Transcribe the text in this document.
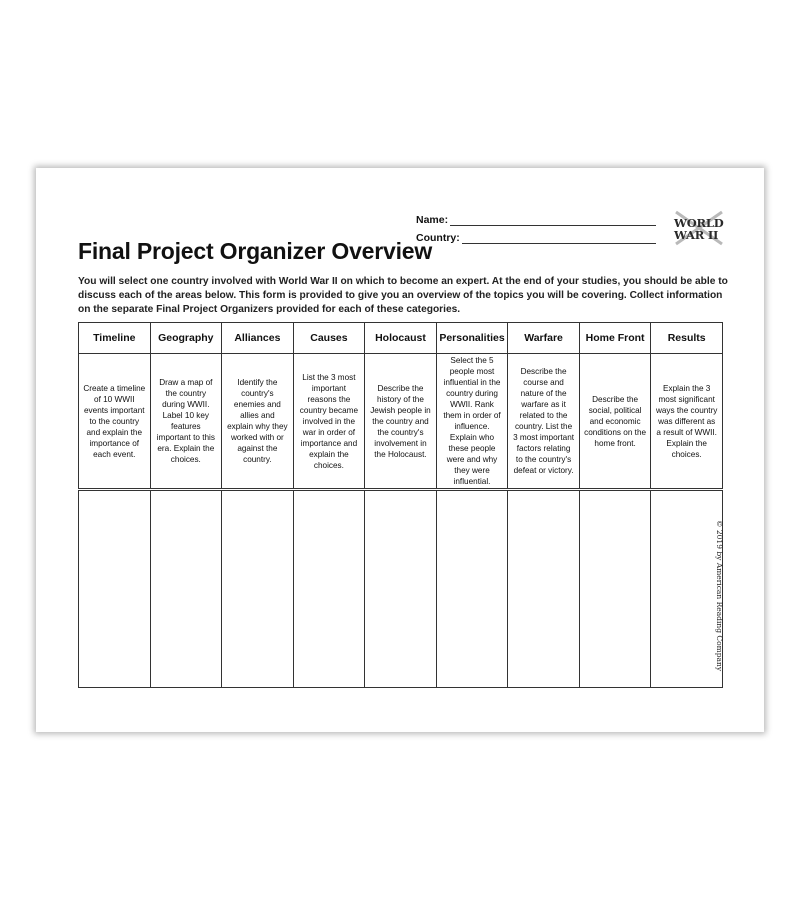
Name:
Country:
WORLD
WAR II
Final Project Organizer Overview

You will select one country involved with World War II on which to become an expert. At the end of your studies, you should be able to discuss each of the areas below. This form is provided to give you an overview of the topics you will be covering. Collect information on the separate Final Project Organizers provided for each of these categories.

Timeline	Geography	Alliances	Causes	Holocaust	Personalities	Warfare	Home Front	Results
Create a timeline of 10 WWII events important to the country and explain the importance of each event.	Draw a map of the country during WWII. Label 10 key features important to this era. Explain the choices.	Identify the country's enemies and allies and explain why they worked with or against the country.	List the 3 most important reasons the country became involved in the war in order of importance and explain the choices.	Describe the history of the Jewish people in the country and the country's involvement in the Holocaust.	Select the 5 people most influential in the country during WWII. Rank them in order of influence. Explain who these people were and why they were influential.	Describe the course and nature of the warfare as it related to the country. List the 3 most important factors relating to the country's defeat or victory.	Describe the social, political and economic conditions on the home front.	Explain the 3 most significant ways the country was different as a result of WWII. Explain the choices.

© 2019 by American Reading Company
